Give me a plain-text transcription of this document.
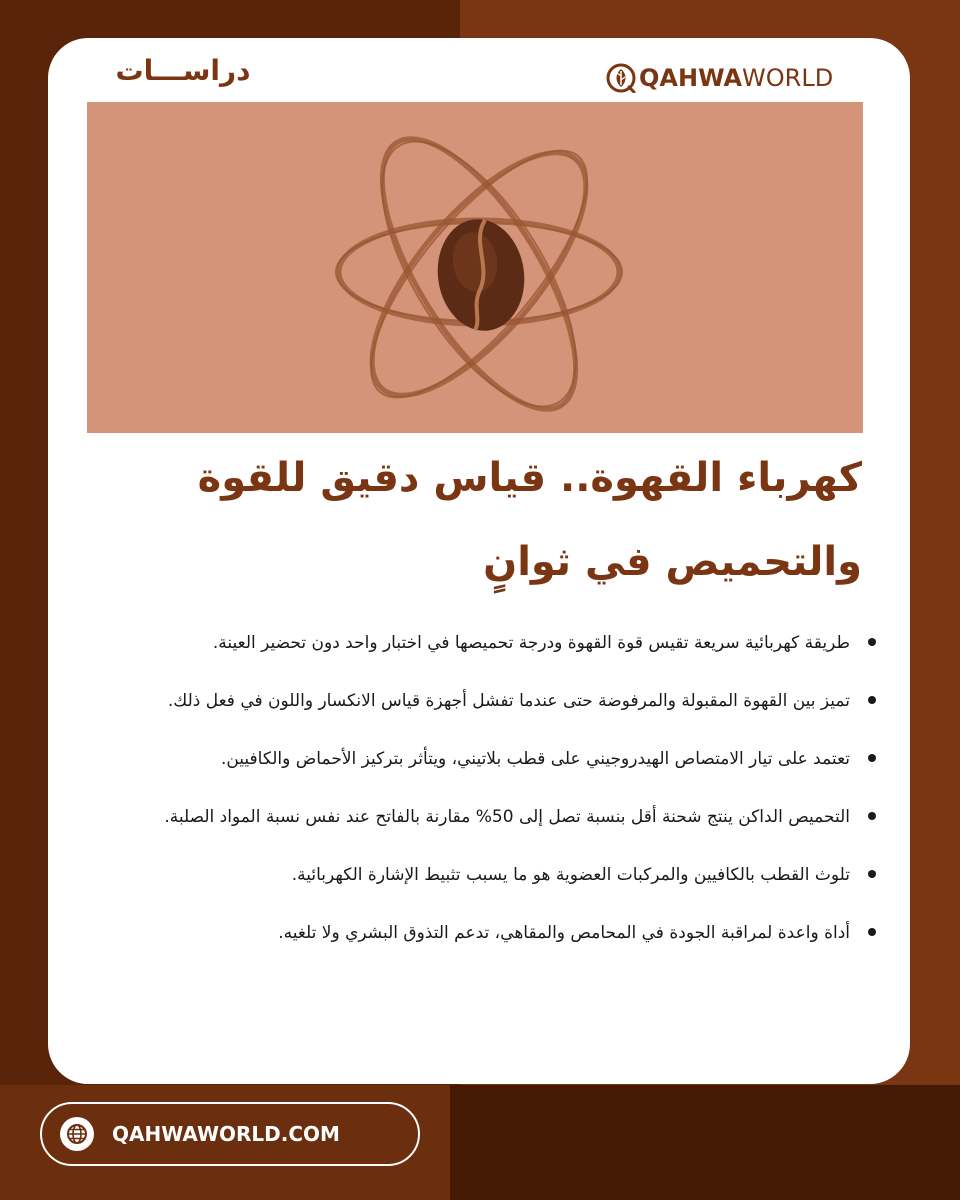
QAHWA WORLD
دراســـات
كهرباء القهوة.. قياس دقيق للقوة
والتحميص في ثوانٍ
طريقة كهربائية سريعة تقيس قوة القهوة ودرجة تحميصها في اختبار واحد دون تحضير العينة.
تميز بين القهوة المقبولة والمرفوضة حتى عندما تفشل أجهزة قياس الانكسار واللون في فعل ذلك.
تعتمد على تيار الامتصاص الهيدروجيني على قطب بلاتيني، ويتأثر بتركيز الأحماض والكافيين.
التحميص الداكن ينتج شحنة أقل بنسبة تصل إلى 50% مقارنة بالفاتح عند نفس نسبة المواد الصلبة.
تلوث القطب بالكافيين والمركبات العضوية هو ما يسبب تثبيط الإشارة الكهربائية.
أداة واعدة لمراقبة الجودة في المحامص والمقاهي، تدعم التذوق البشري ولا تلغيه.
QAHWAWORLD.COM
